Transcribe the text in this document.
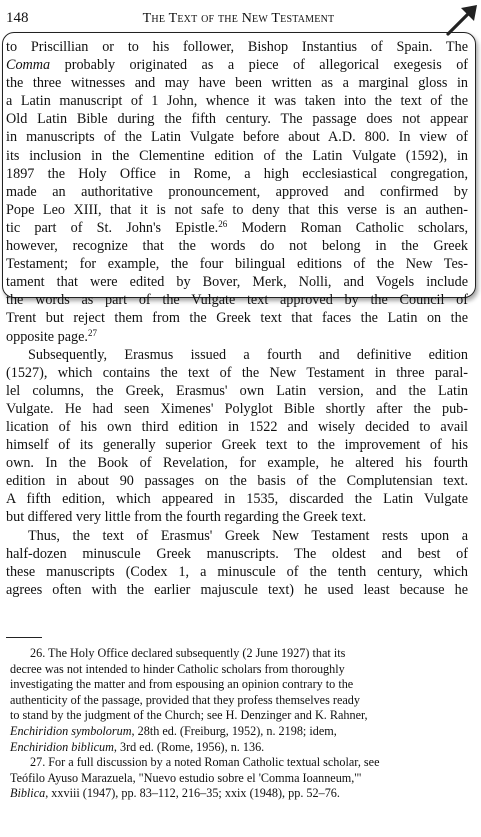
148	The Text of the New Testament
to Priscillian or to his follower, Bishop Instantius of Spain. The
Comma probably originated as a piece of allegorical exegesis of
the three witnesses and may have been written as a marginal gloss in
a Latin manuscript of 1 John, whence it was taken into the text of the
Old Latin Bible during the fifth century. The passage does not appear
in manuscripts of the Latin Vulgate before about A.D. 800. In view of
its inclusion in the Clementine edition of the Latin Vulgate (1592), in
1897 the Holy Office in Rome, a high ecclesiastical congregation,
made an authoritative pronouncement, approved and confirmed by
Pope Leo XIII, that it is not safe to deny that this verse is an authen-
tic part of St. John's Epistle.$^{26}$ Modern Roman Catholic scholars,
however, recognize that the words do not belong in the Greek
Testament; for example, the four bilingual editions of the New Tes-
tament that were edited by Bover, Merk, Nolli, and Vogels include
the words as part of the Vulgate text approved by the Council of
Trent but reject them from the Greek text that faces the Latin on the
opposite page.$^{27}$
Subsequently, Erasmus issued a fourth and definitive edition
(1527), which contains the text of the New Testament in three paral-
lel columns, the Greek, Erasmus' own Latin version, and the Latin
Vulgate. He had seen Ximenes' Polyglot Bible shortly after the pub-
lication of his own third edition in 1522 and wisely decided to avail
himself of its generally superior Greek text to the improvement of his
own. In the Book of Revelation, for example, he altered his fourth
edition in about 90 passages on the basis of the Complutensian text.
A fifth edition, which appeared in 1535, discarded the Latin Vulgate
but differed very little from the fourth regarding the Greek text.
Thus, the text of Erasmus' Greek New Testament rests upon a
half-dozen minuscule Greek manuscripts. The oldest and best of
these manuscripts (Codex 1, a minuscule of the tenth century, which
agrees often with the earlier majuscule text) he used least because he
26. The Holy Office declared subsequently (2 June 1927) that its
decree was not intended to hinder Catholic scholars from thoroughly
investigating the matter and from espousing an opinion contrary to the
authenticity of the passage, provided that they profess themselves ready
to stand by the judgment of the Church; see H. Denzinger and K. Rahner,
Enchiridion symbolorum, 28th ed. (Freiburg, 1952), n. 2198; idem,
Enchiridion biblicum, 3rd ed. (Rome, 1956), n. 136.
27. For a full discussion by a noted Roman Catholic textual scholar, see
Teófilo Ayuso Marazuela, "Nuevo estudio sobre el 'Comma Ioanneum,'"
Biblica, xxviii (1947), pp. 83–112, 216–35; xxix (1948), pp. 52–76.
